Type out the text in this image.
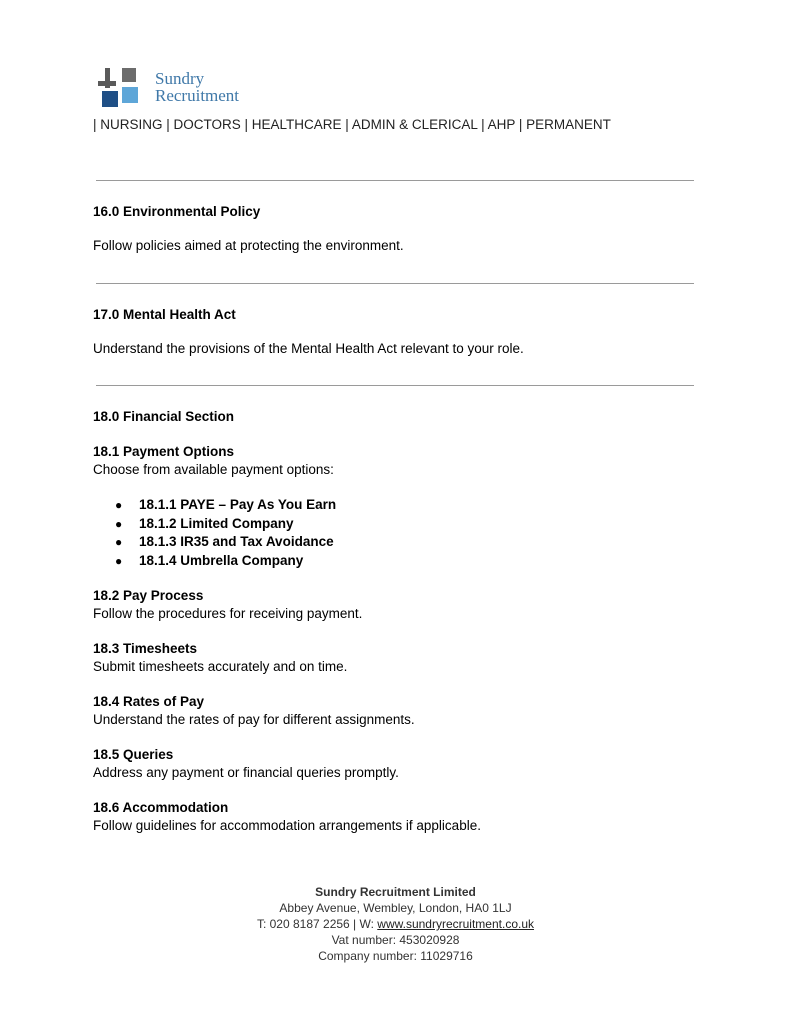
Sundry
Recruitment
| NURSING | DOCTORS | HEALTHCARE | ADMIN & CLERICAL | AHP | PERMANENT
16.0 Environmental Policy
Follow policies aimed at protecting the environment.
17.0 Mental Health Act
Understand the provisions of the Mental Health Act relevant to your role.
18.0 Financial Section
18.1 Payment Options
Choose from available payment options:
● 18.1.1 PAYE – Pay As You Earn
● 18.1.2 Limited Company
● 18.1.3 IR35 and Tax Avoidance
● 18.1.4 Umbrella Company
18.2 Pay Process
Follow the procedures for receiving payment.
18.3 Timesheets
Submit timesheets accurately and on time.
18.4 Rates of Pay
Understand the rates of pay for different assignments.
18.5 Queries
Address any payment or financial queries promptly.
18.6 Accommodation
Follow guidelines for accommodation arrangements if applicable.
Sundry Recruitment Limited
Abbey Avenue, Wembley, London, HA0 1LJ
T: 020 8187 2256 | W: www.sundryrecruitment.co.uk
Vat number: 453020928
Company number: 11029716
